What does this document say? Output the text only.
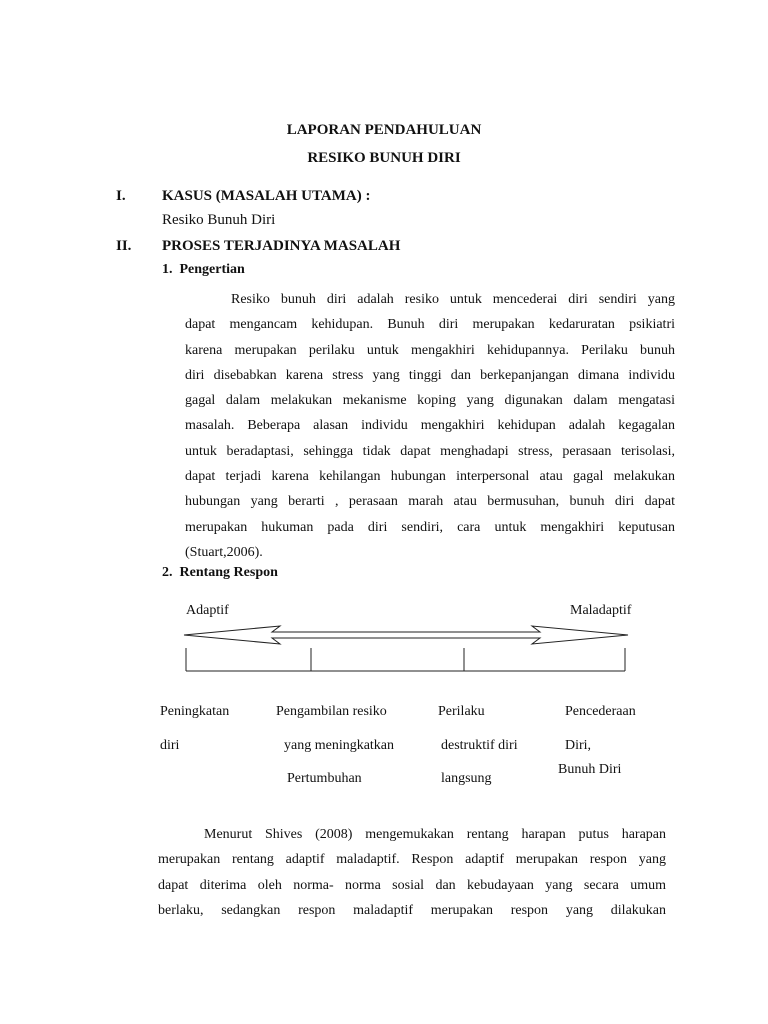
LAPORAN PENDAHULUAN
RESIKO BUNUH DIRI
I. KASUS (MASALAH UTAMA) :
Resiko Bunuh Diri
II. PROSES TERJADINYA MASALAH
1.  Pengertian
Resiko bunuh diri adalah resiko untuk mencederai diri sendiri yang
dapat mengancam kehidupan. Bunuh diri merupakan kedaruratan psikiatri
karena merupakan perilaku untuk mengakhiri kehidupannya. Perilaku bunuh
diri disebabkan karena stress yang tinggi dan berkepanjangan dimana individu
gagal dalam melakukan mekanisme koping yang digunakan dalam mengatasi
masalah. Beberapa alasan individu mengakhiri kehidupan adalah kegagalan
untuk beradaptasi, sehingga tidak dapat menghadapi stress, perasaan terisolasi,
dapat terjadi karena kehilangan hubungan interpersonal atau gagal melakukan
hubungan yang berarti , perasaan marah atau bermusuhan, bunuh diri dapat
merupakan hukuman pada diri sendiri, cara untuk mengakhiri keputusan
(Stuart,2006).
2.  Rentang Respon
Adaptif	Maladaptif
Peningkatan
diri
Pengambilan resiko
yang meningkatkan
Pertumbuhan
Perilaku
destruktif diri
langsung
Pencederaan
Diri,
Bunuh Diri
Menurut Shives (2008) mengemukakan rentang harapan putus harapan
merupakan rentang adaptif maladaptif. Respon adaptif merupakan respon yang
dapat diterima oleh norma- norma sosial dan kebudayaan yang secara umum
berlaku, sedangkan respon maladaptif merupakan respon yang dilakukan
